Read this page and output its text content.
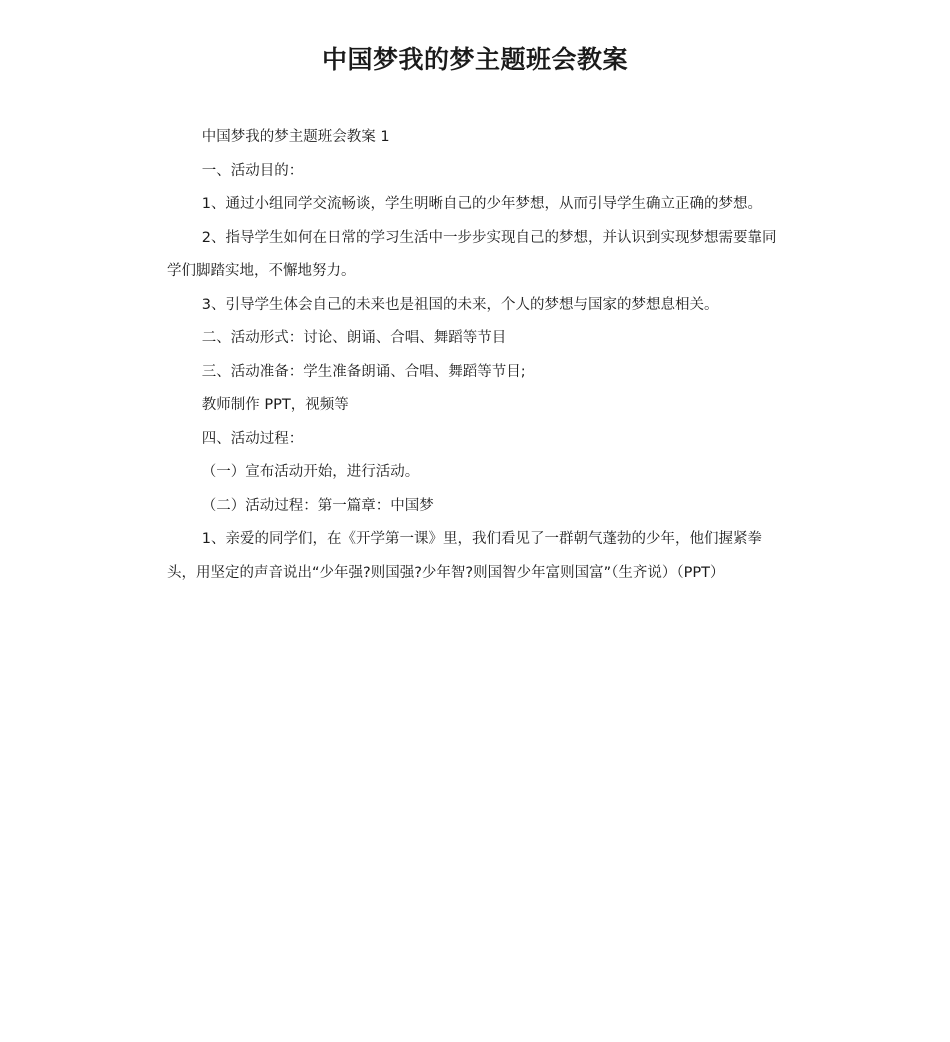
中国梦我的梦主题班会教案

中国梦我的梦主题班会教案 1

一、活动目的：

1、通过小组同学交流畅谈，学生明晰自己的少年梦想，从而引导学生确立正确的梦想。

2、指导学生如何在日常的学习生活中一步步实现自己的梦想，并认识到实现梦想需要靠同学们脚踏实地，不懈地努力。

3、引导学生体会自己的未来也是祖国的未来，个人的梦想与国家的梦想息相关。

二、活动形式：讨论、朗诵、合唱、舞蹈等节目

三、活动准备：学生准备朗诵、合唱、舞蹈等节目;

教师制作 PPT，视频等

四、活动过程：

（一）宣布活动开始，进行活动。

（二）活动过程：第一篇章：中国梦

1、亲爱的同学们，在《开学第一课》里，我们看见了一群朝气蓬勃的少年，他们握紧拳头，用坚定的声音说出“少年强?则国强?少年智?则国智少年富则国富”（生齐说）（PPT）
